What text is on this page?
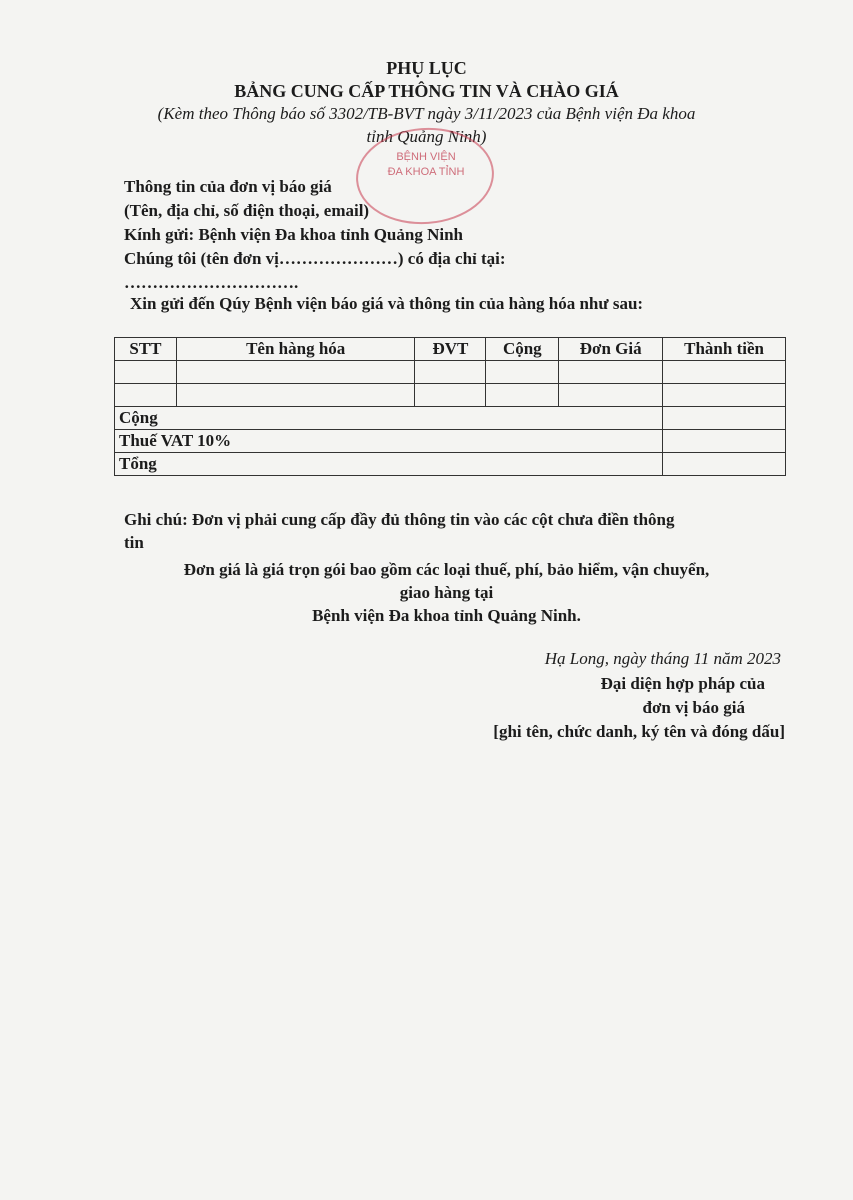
PHỤ LỤC
BẢNG CUNG CẤP THÔNG TIN VÀ CHÀO GIÁ
(Kèm theo Thông báo số 3302/TB-BVT ngày 3/11/2023 của Bệnh viện Đa khoa
tỉnh Quảng Ninh)
BỆNH VIỆN
ĐA KHOA TỈNH
Thông tin của đơn vị báo giá
(Tên, địa chỉ, số điện thoại, email)
Kính gửi: Bệnh viện Đa khoa tỉnh Quảng Ninh
Chúng tôi (tên đơn vị…………………) có địa chỉ tại:
………………………….
Xin gửi đến Qúy Bệnh viện báo giá và thông tin của hàng hóa như sau:
STT	Tên hàng hóa	ĐVT	Cộng	Đơn Giá	Thành tiền

Cộng					
Thuế VAT 10%					
Tổng					
Ghi chú: Đơn vị phải cung cấp đầy đủ thông tin vào các cột chưa điền thông
tin
Đơn giá là giá trọn gói bao gồm các loại thuế, phí, bảo hiểm, vận chuyển,
giao hàng tại
Bệnh viện Đa khoa tỉnh Quảng Ninh.
Hạ Long, ngày tháng 11 năm 2023
Đại diện hợp pháp của
đơn vị báo giá
[ghi tên, chức danh, ký tên và đóng dấu]
